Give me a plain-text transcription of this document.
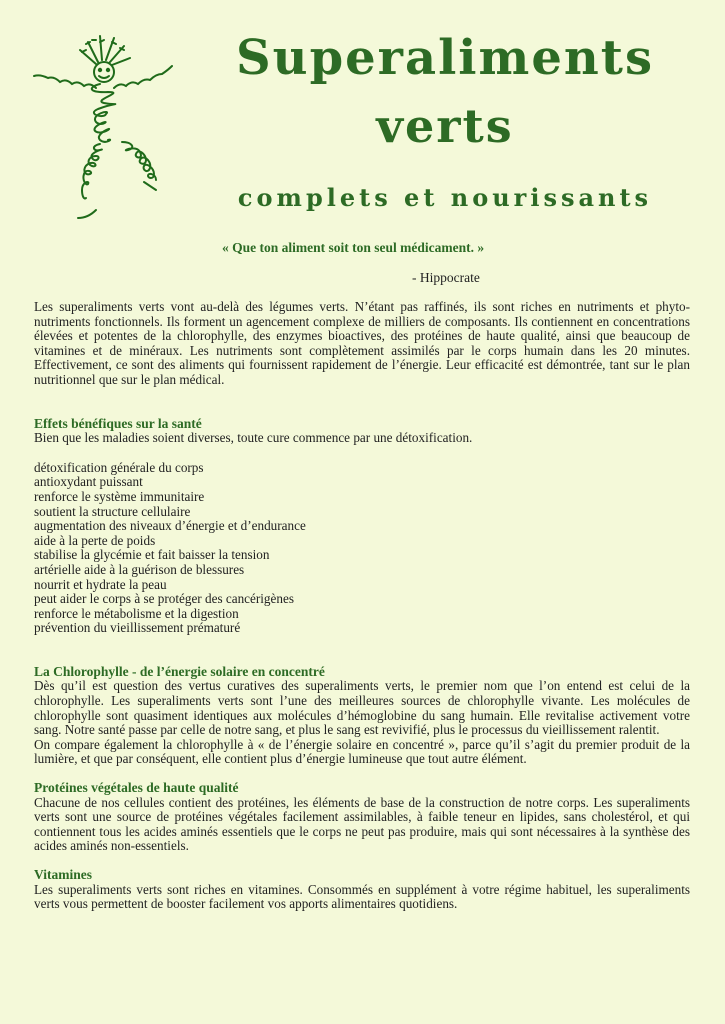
Superaliments
verts
complets et nourissants
« Que ton aliment soit ton seul médicament. »
- Hippocrate

Les superaliments verts vont au-delà des légumes verts. N’étant pas raffinés, ils sont riches en nutriments et phyto-nutriments fonctionnels. Ils forment un agencement complexe de milliers de composants. Ils contiennent en concentrations élevées et potentes de la chlorophylle, des enzymes bioactives, des protéines de haute qualité, ainsi que beaucoup de vitamines et de minéraux. Les nutriments sont complètement assimilés par le corps humain dans les 20 minutes. Effectivement, ce sont des aliments qui fournissent rapidement de l’énergie. Leur efficacité est démontrée, tant sur le plan nutritionnel que sur le plan médical.

Effets bénéfiques sur la santé

Bien que les maladies soient diverses, toute cure commence par une détoxification.

détoxification générale du corps
antioxydant puissant
renforce le système immunitaire
soutient la structure cellulaire
augmentation des niveaux d’énergie et d’endurance
aide à la perte de poids
stabilise la glycémie et fait baisser la tension
artérielle aide à la guérison de blessures
nourrit et hydrate la peau
peut aider le corps à se protéger des cancérigènes
renforce le métabolisme et la digestion
prévention du vieillissement prématuré
La Chlorophylle - de l’énergie solaire en concentré

Dès qu’il est question des vertus curatives des superaliments verts, le premier nom que l’on entend est celui de la chlorophylle. Les superaliments verts sont l’une des meilleures sources de chlorophylle vivante. Les molécules de chlorophylle sont quasiment identiques aux molécules d’hémoglobine du sang humain. Elle revitalise activement votre sang. Notre santé passe par celle de notre sang, et plus le sang est revivifié, plus le processus du vieillissement ralentit.

On compare également la chlorophylle à « de l’énergie solaire en concentré », parce qu’il s’agit du premier produit de la lumière, et que par conséquent, elle contient plus d’énergie lumineuse que tout autre élément.

Protéines végétales de haute qualité

Chacune de nos cellules contient des protéines, les éléments de base de la construction de notre corps. Les superaliments verts sont une source de protéines végétales facilement assimilables, à faible teneur en lipides, sans cholestérol, et qui contiennent tous les acides aminés essentiels que le corps ne peut pas produire, mais qui sont nécessaires à la synthèse des acides aminés non-essentiels.

Vitamines

Les superaliments verts sont riches en vitamines. Consommés en supplément à votre régime habituel, les superaliments verts vous permettent de booster facilement vos apports alimentaires quotidiens.
